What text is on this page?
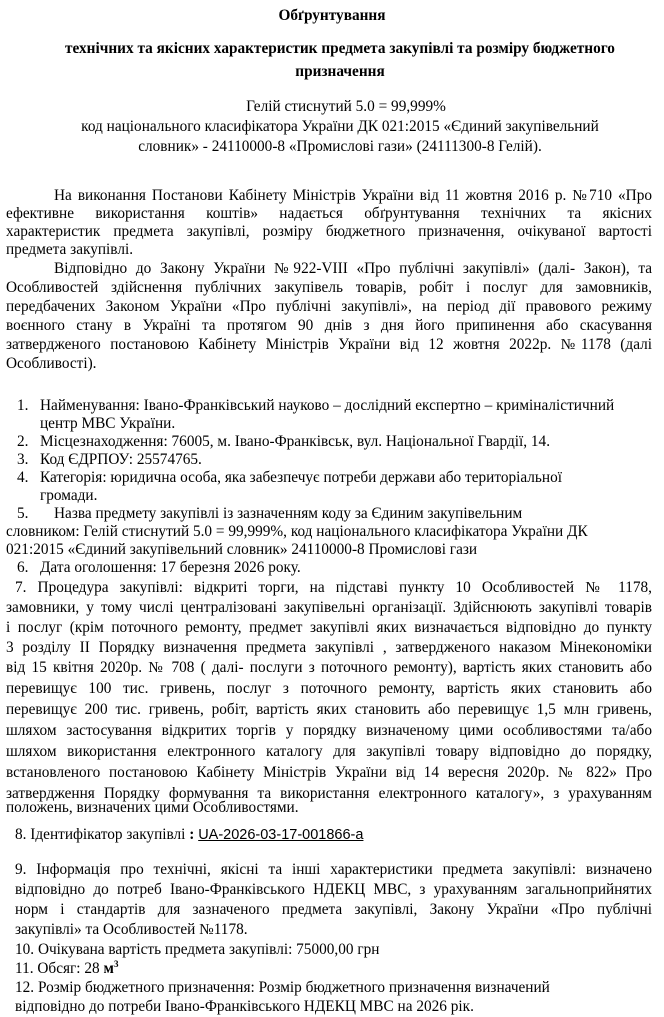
Обґрунтування
технічних та якісних характеристик предмета закупівлі та розміру бюджетного
призначення
Гелій стиснутий 5.0 = 99,999%
код національного класифікатора України ДК 021:2015 «Єдиний закупівельний
словник» - 24110000-8 «Промислові гази» (24111300-8 Гелій).
На виконання Постанови Кабінету Міністрів України від 11 жовтня 2016 р. №710 «Про
ефективне використання коштів» надається обґрунтування технічних та якісних
характеристик предмета закупівлі, розміру бюджетного призначення, очікуваної вартості
предмета закупівлі.
Відповідно до Закону України №922-VIII «Про публічні закупівлі» (далі- Закон), та
Особливостей здійснення публічних закупівель товарів, робіт і послуг для замовників,
передбачених Законом України «Про публічні закупівлі», на період дії правового режиму
воєнного стану в Україні та протягом 90 днів з дня його припинення або скасування
затвердженого постановою Кабінету Міністрів України від 12 жовтня 2022р. №1178 (далі
Особливості).
1. Найменування: Івано-Франківський науково – дослідний експертно – криміналістичний
центр МВС України.
2. Місцезнаходження: 76005, м. Івано-Франківськ, вул. Національної Гвардії, 14.
3. Код ЄДРПОУ: 25574765.
4. Категорія: юридична особа, яка забезпечує потреби держави або територіальної
громади.
5. Назва предмету закупівлі із зазначенням коду за Єдиним закупівельним
словником: Гелій стиснутий 5.0 = 99,999%, код національного класифікатора України ДК
021:2015 «Єдиний закупівельний словник» 24110000-8 Промислові гази
6. Дата оголошення: 17 березня 2026 року.
7. Процедура закупівлі: відкриті торги, на підставі пункту 10 Особливостей № 1178,
замовники, у тому числі централізовані закупівельні організації. Здійснюють закупівлі товарів
і послуг (крім поточного ремонту, предмет закупівлі яких визначається відповідно до пункту
3 розділу II Порядку визначення предмета закупівлі , затвердженого наказом Мінекономіки
від 15 квітня 2020р. № 708 ( далі- послуги з поточного ремонту), вартість яких становить або
перевищує 100 тис. гривень, послуг з поточного ремонту, вартість яких становить або
перевищує 200 тис. гривень, робіт, вартість яких становить або перевищує 1,5 млн гривень,
шляхом застосування відкритих торгів у порядку визначеному цими особливостями та/або
шляхом використання електронного каталогу для закупівлі товару відповідно до порядку,
встановленого постановою Кабінету Міністрів України від 14 вересня 2020р. № 822» Про
затвердження Порядку формування та використання електронного каталогу», з урахуванням
положень, визначених цими Особливостями.
8. Ідентифікатор закупівлі : UA-2026-03-17-001866-a
9. Інформація про технічні, якісні та інші характеристики предмета закупівлі: визначено
відповідно до потреб Івано-Франківського НДЕКЦ МВС, з урахуванням загальноприйнятих
норм і стандартів для зазначеного предмета закупівлі, Закону України «Про публічні
закупівлі» та Особливостей №1178.
10. Очікувана вартість предмета закупівлі: 75000,00 грн
11. Обсяг: 28 $м^3$
12. Розмір бюджетного призначення: Розмір бюджетного призначення визначений
відповідно до потреби Івано-Франківського НДЕКЦ МВС на 2026 рік.
